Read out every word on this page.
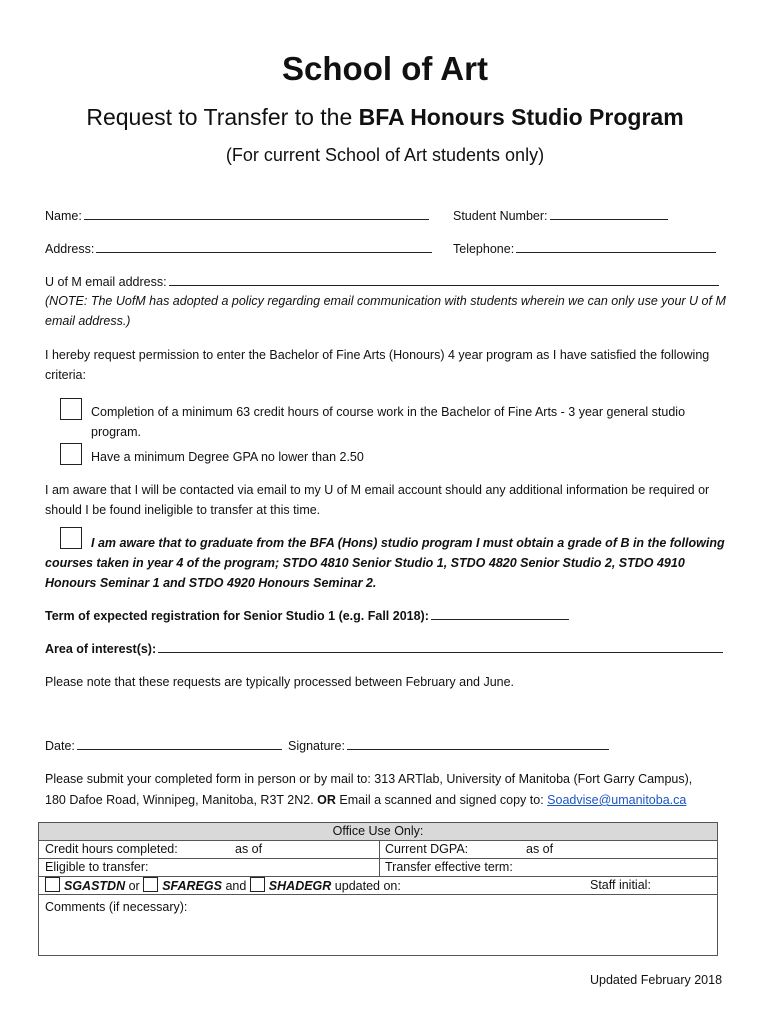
School of Art
Request to Transfer to the BFA Honours Studio Program
(For current School of Art students only)
Name:	Student Number:
Address:	Telephone:
U of M email address:
(NOTE: The UofM has adopted a policy regarding email communication with students wherein we can only use your U of M email address.)
I hereby request permission to enter the Bachelor of Fine Arts (Honours) 4 year program as I have satisfied the following criteria:
Completion of a minimum 63 credit hours of course work in the Bachelor of Fine Arts - 3 year general studio program.
Have a minimum Degree GPA no lower than 2.50
I am aware that I will be contacted via email to my U of M email account should any additional information be required or should I be found ineligible to transfer at this time.
I am aware that to graduate from the BFA (Hons) studio program I must obtain a grade of B in the following courses taken in year 4 of the program; STDO 4810 Senior Studio 1, STDO 4820 Senior Studio 2, STDO 4910 Honours Seminar 1 and STDO 4920 Honours Seminar 2.
Term of expected registration for Senior Studio 1 (e.g. Fall 2018):
Area of interest(s):
Please note that these requests are typically processed between February and June.
Date:	Signature:
Please submit your completed form in person or by mail to: 313 ARTlab, University of Manitoba (Fort Garry Campus),
180 Dafoe Road, Winnipeg, Manitoba, R3T 2N2. OR Email a scanned and signed copy to: Soadvise@umanitoba.ca
Office Use Only:
Credit hours completed:	as of	Current DGPA:	as of
Eligible to transfer:	Transfer effective term:
SGASTDN or SFAREGS and SHADEGR updated on:	Staff initial:
Comments (if necessary):
Updated February 2018
